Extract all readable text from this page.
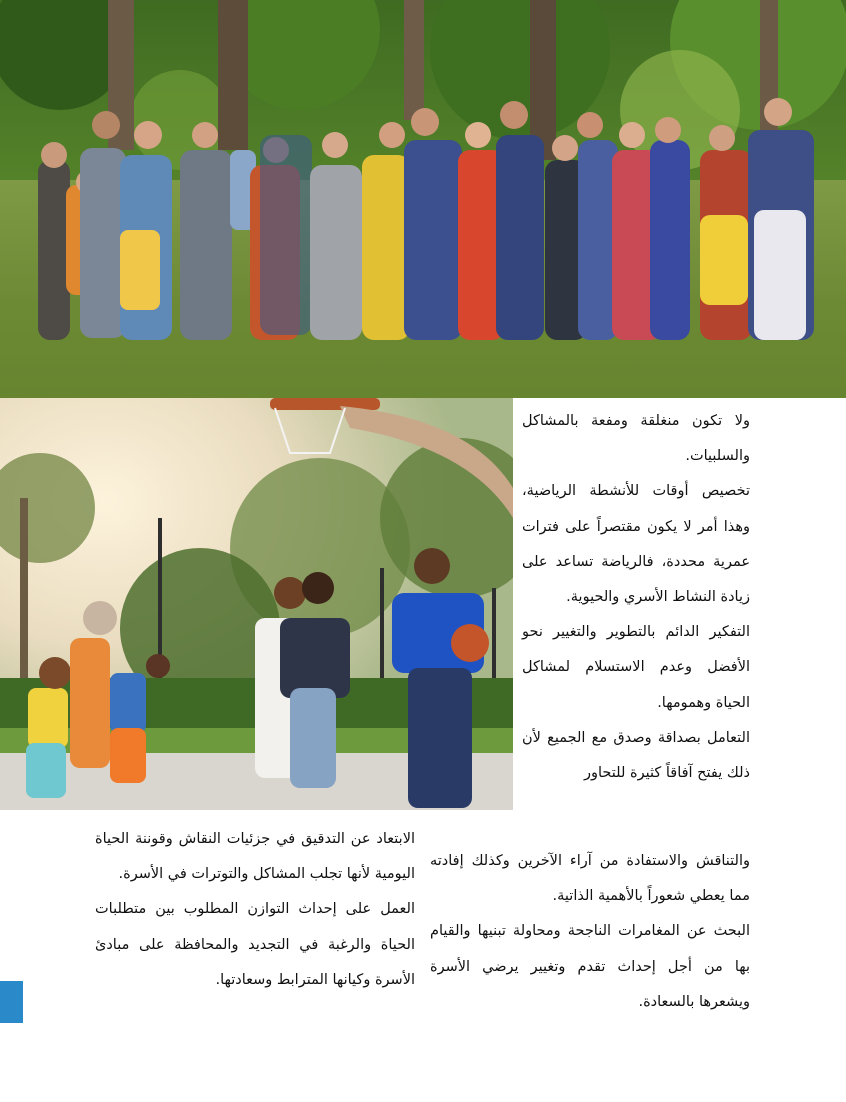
ولا تكون منغلقة ومفعة بالمشاكل والسلبيات.

تخصيص أوقات للأنشطة الرياضية، وهذا أمر لا يكون مقتصراً على فترات عمرية محددة، فالرياضة تساعد على زيادة النشاط الأسري والحيوية.

التفكير الدائم بالتطوير والتغيير نحو الأفضل وعدم الاستسلام لمشاكل الحياة وهمومها.

التعامل بصداقة وصدق مع الجميع لأن ذلك يفتح آفاقاً كثيرة للتحاور

والتناقش والاستفادة من آراء الآخرين وكذلك إفادته مما يعطي شعوراً بالأهمية الذاتية.

البحث عن المغامرات الناجحة ومحاولة تبنيها والقيام بها من أجل إحداث تقدم وتغيير يرضي الأسرة ويشعرها بالسعادة.

الابتعاد عن التدقيق في جزئيات النقاش وقوننة الحياة اليومية لأنها تجلب المشاكل والتوترات في الأسرة.

العمل على إحداث التوازن المطلوب بين متطلبات الحياة والرغبة في التجديد والمحافظة على مبادئ الأسرة وكيانها المترابط وسعادتها.
